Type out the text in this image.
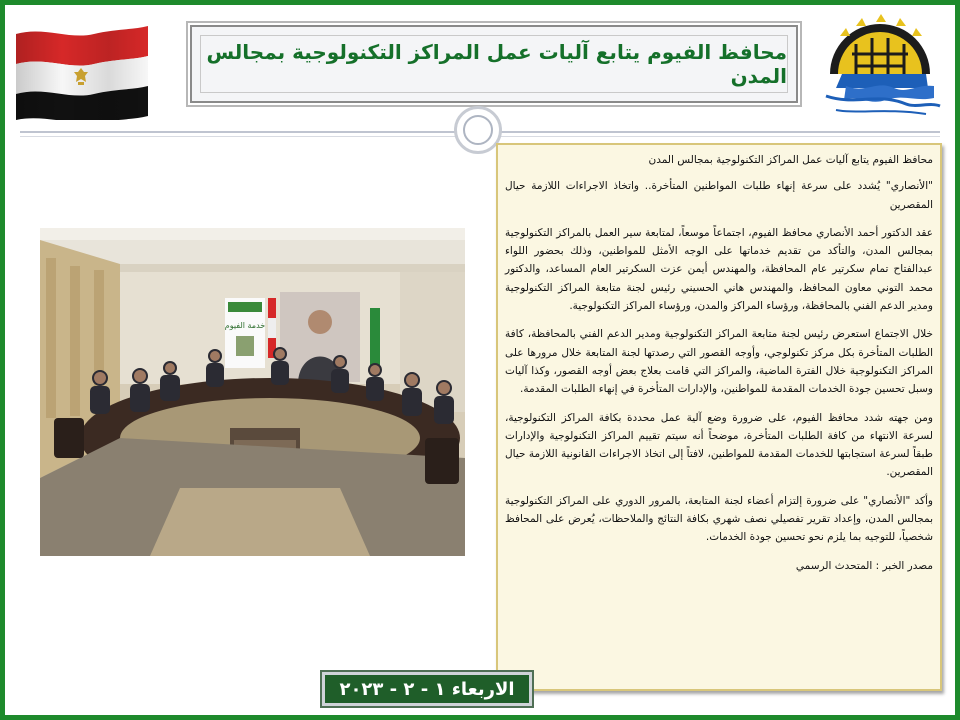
محافظ الفيوم يتابع آليات عمل المراكز التكنولوجية بمجالس المدن
خدمة الفيوم

محافظ الفيوم يتابع آليات عمل المراكز التكنولوجية بمجالس المدن

"الأنصاري" يُشدد على سرعة إنهاء طلبات المواطنين المتأخرة.. واتخاذ الاجراءات اللازمة حيال المقصرين

عقد الدكتور أحمد الأنصاري محافظ الفيوم، اجتماعاً موسعاً، لمتابعة سير العمل بالمراكز التكنولوجية بمجالس المدن، والتأكد من تقديم خدماتها على الوجه الأمثل للمواطنين، وذلك بحضور اللواء عبدالفتاح تمام سكرتير عام المحافظة، والمهندس أيمن عزت السكرتير العام المساعد، والدكتور محمد التوني معاون المحافظ، والمهندس هاني الحسيني رئيس لجنة متابعة المراكز التكنولوجية ومدير الدعم الفني بالمحافظة، ورؤساء المراكز والمدن، ورؤساء المراكز التكنولوجية.

خلال الاجتماع استعرض رئيس لجنة متابعة المراكز التكنولوجية ومدير الدعم الفني بالمحافظة، كافة الطلبات المتأخرة بكل مركز تكنولوجي، وأوجه القصور التي رصدتها لجنة المتابعة خلال مرورها على المراكز التكنولوجية خلال الفترة الماضية، والمراكز التي قامت بعلاج بعض أوجه القصور، وكذا آليات وسبل تحسين جودة الخدمات المقدمة للمواطنين، والإدارات المتأخرة في إنهاء الطلبات المقدمة.

ومن جهته شدد محافظ الفيوم، على ضرورة وضع آلية عمل محددة بكافة المراكز التكنولوجية، لسرعة الانتهاء من كافة الطلبات المتأخرة، موضحاً أنه سيتم تقييم المراكز التكنولوجية والإدارات طبقاً لسرعة استجابتها للخدمات المقدمة للمواطنين، لافتاً إلى اتخاذ الاجراءات القانونية اللازمة حيال المقصرين.

وأكد "الأنصاري" على ضرورة إلتزام أعضاء لجنة المتابعة، بالمرور الدوري على المراكز التكنولوجية بمجالس المدن، وإعداد تقرير تفصيلي نصف شهري بكافة النتائج والملاحظات، يُعرض على المحافظ شخصياً، للتوجيه بما يلزم نحو تحسين جودة الخدمات.

مصدر الخبر : المتحدث الرسمي

الاربعاء ١ - ٢ - ٢٠٢٣
